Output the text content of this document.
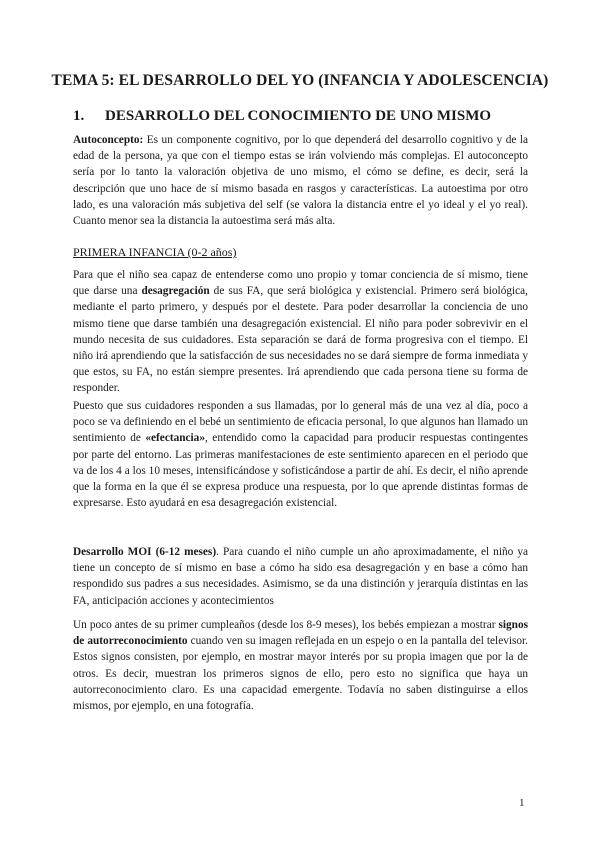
TEMA 5: EL DESARROLLO DEL YO (INFANCIA Y ADOLESCENCIA)
1. DESARROLLO DEL CONOCIMIENTO DE UNO MISMO

Autoconcepto: Es un componente cognitivo, por lo que dependerá del desarrollo cognitivo y de la edad de la persona, ya que con el tiempo estas se irán volviendo más complejas. El autoconcepto sería por lo tanto la valoración objetiva de uno mismo, el cómo se define, es decir, será la descripción que uno hace de sí mismo basada en rasgos y características. La autoestima por otro lado, es una valoración más subjetiva del self (se valora la distancia entre el yo ideal y el yo real). Cuanto menor sea la distancia la autoestima será más alta.

PRIMERA INFANCIA (0-2 años)

Para que el niño sea capaz de entenderse como uno propio y tomar conciencia de sí mismo, tiene que darse una desagregación de sus FA, que será biológica y existencial. Primero será biológica, mediante el parto primero, y después por el destete. Para poder desarrollar la conciencia de uno mismo tiene que darse también una desagregación existencial. El niño para poder sobrevivir en el mundo necesita de sus cuidadores. Esta separación se dará de forma progresiva con el tiempo. El niño irá aprendiendo que la satisfacción de sus necesidades no se dará siempre de forma inmediata y que estos, su FA, no están siempre presentes. Irá aprendiendo que cada persona tiene su forma de responder.

Puesto que sus cuidadores responden a sus llamadas, por lo general más de una vez al día, poco a poco se va definiendo en el bebé un sentimiento de eficacia personal, lo que algunos han llamado un sentimiento de «efectancia», entendido como la capacidad para producir respuestas contingentes por parte del entorno. Las primeras manifestaciones de este sentimiento aparecen en el periodo que va de los 4 a los 10 meses, intensificándose y sofisticándose a partir de ahí. Es decir, el niño aprende que la forma en la que él se expresa produce una respuesta, por lo que aprende distintas formas de expresarse. Esto ayudará en esa desagregación existencial.

Desarrollo MOI (6-12 meses). Para cuando el niño cumple un año aproximadamente, el niño ya tiene un concepto de sí mismo en base a cómo ha sido esa desagregación y en base a cómo han respondido sus padres a sus necesidades. Asimismo, se da una distinción y jerarquía distintas en las FA, anticipación acciones y acontecimientos

Un poco antes de su primer cumpleaños (desde los 8-9 meses), los bebés empiezan a mostrar signos de autorreconocimiento cuando ven su imagen reflejada en un espejo o en la pantalla del televisor. Estos signos consisten, por ejemplo, en mostrar mayor interés por su propia imagen que por la de otros. Es decir, muestran los primeros signos de ello, pero esto no significa que haya un autorreconocimiento claro. Es una capacidad emergente. Todavía no saben distinguirse a ellos mismos, por ejemplo, en una fotografía.

1
